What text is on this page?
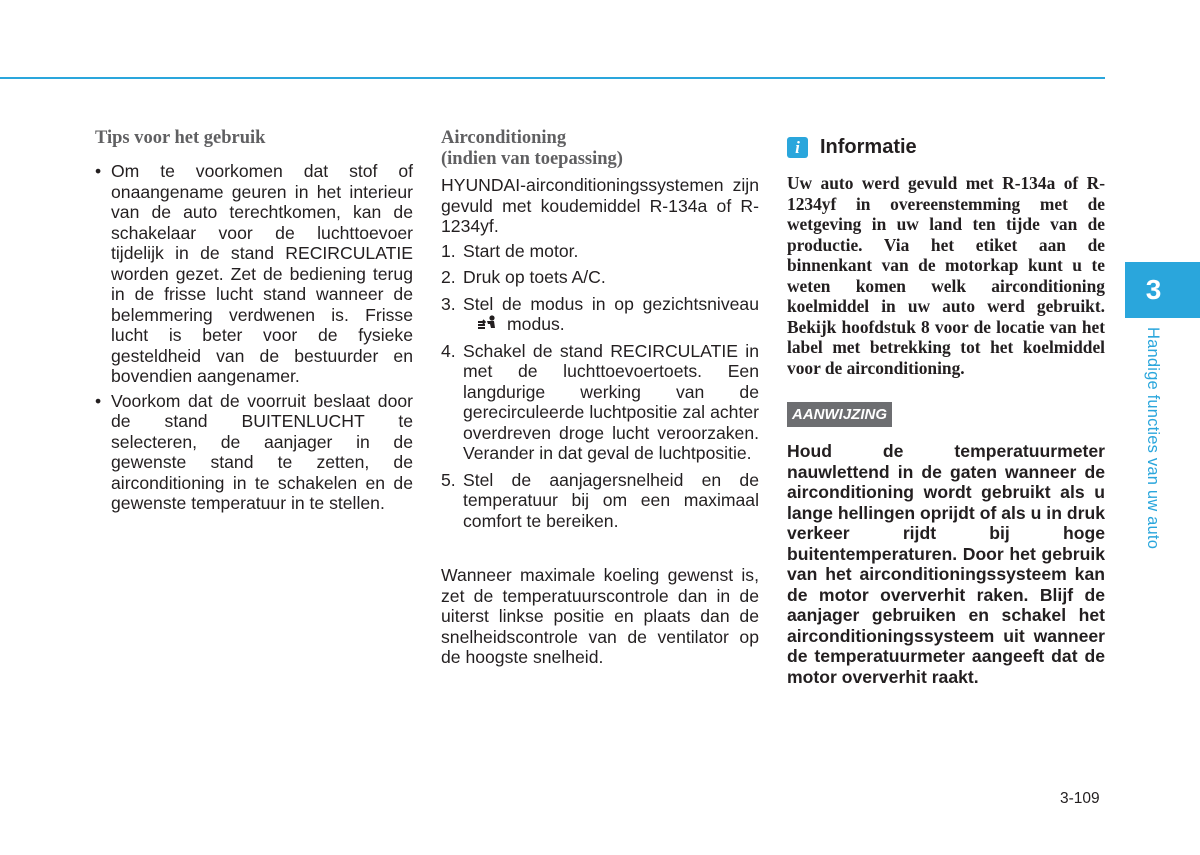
Tips voor het gebruik
• Om te voorkomen dat stof of onaangename geuren in het interieur van de auto terechtkomen, kan de schakelaar voor de luchttoevoer tijdelijk in de stand RECIRCULATIE worden gezet. Zet de bediening terug in de frisse lucht stand wanneer de belemmering verdwenen is. Frisse lucht is beter voor de fysieke gesteldheid van de bestuurder en bovendien aangenamer.
• Voorkom dat de voorruit beslaat door de stand BUITENLUCHT te selecteren, de aanjager in de gewenste stand te zetten, de airconditioning in te schakelen en de gewenste temperatuur in te stellen.
Airconditioning
(indien van toepassing)
HYUNDAI-airconditioningssystemen zijn gevuld met koudemiddel R-134a of R-1234yf.
1. Start de motor.
2. Druk op toets A/C.
3. Stel de modus in op gezichtsniveaumodus.
4. Schakel de stand RECIRCULATIE in met de luchttoevoertoets. Een langdurige werking van de gerecirculeerde luchtpositie zal achter overdreven droge lucht veroorzaken. Verander in dat geval de luchtpositie.
5. Stel de aanjagersnelheid en de temperatuur bij om een maximaal comfort te bereiken.
Wanneer maximale koeling gewenst is, zet de temperatuurscontrole dan in de uiterst linkse positie en plaats dan de snelheidscontrole van de ventilator op de hoogste snelheid.
i	Informatie
Uw auto werd gevuld met R-134a of R-1234yf in overeenstemming met de wetgeving in uw land ten tijde van de productie. Via het etiket aan de binnenkant van de motorkap kunt u te weten komen welk airconditioning koelmiddel in uw auto werd gebruikt. Bekijk hoofdstuk 8 voor de locatie van het label met betrekking tot het koelmiddel voor de airconditioning.
AANWIJZING
Houd de temperatuurmeter nauwlettend in de gaten wanneer de airconditioning wordt gebruikt als u lange hellingen oprijdt of als u in druk verkeer rijdt bij hoge buitentemperaturen. Door het gebruik van het airconditioningssysteem kan de motor oververhit raken. Blijf de aanjager gebruiken en schakel het airconditioningssysteem uit wanneer de temperatuurmeter aangeeft dat de motor oververhit raakt.
3
Handige functies van uw auto
3-109
